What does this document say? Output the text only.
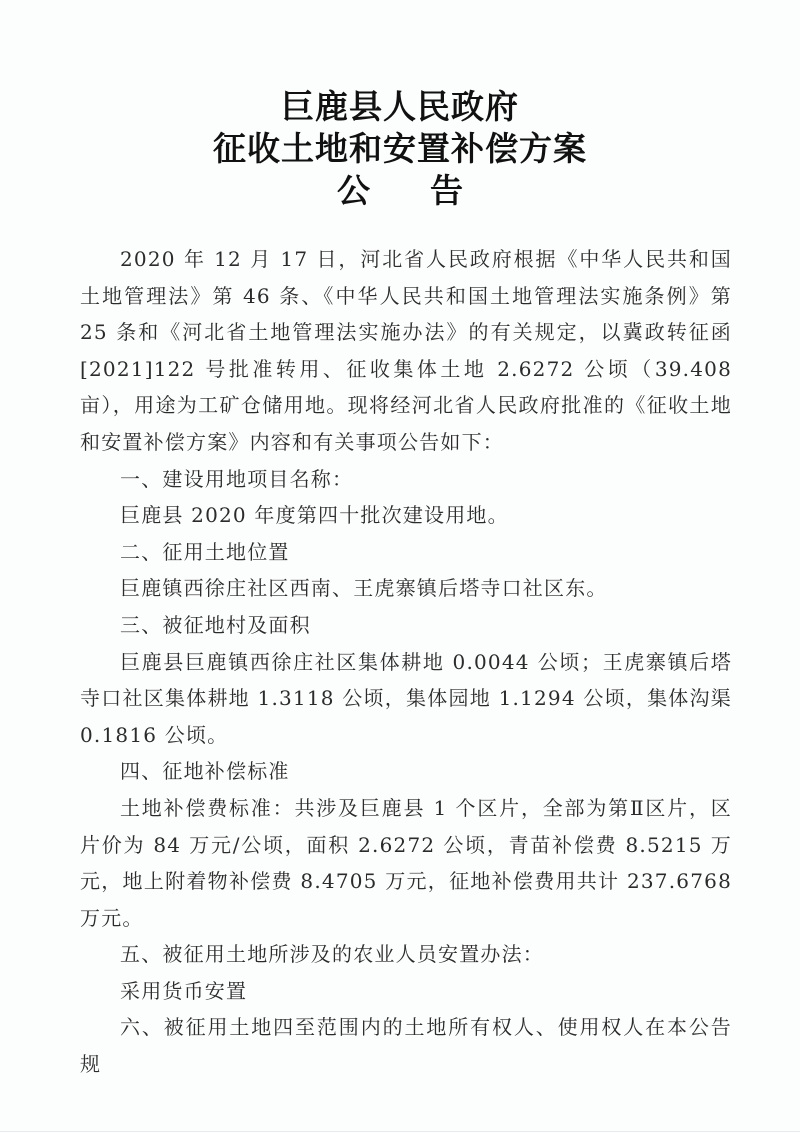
巨鹿县人民政府
征收土地和安置补偿方案
公告

2020 年 12 月 17 日，河北省人民政府根据《中华人民共和国土地管理法》第 46 条、《中华人民共和国土地管理法实施条例》第 25 条和《河北省土地管理法实施办法》的有关规定，以冀政转征函[2021]122 号批准转用、征收集体土地 2.6272 公顷（39.408 亩），用途为工矿仓储用地。现将经河北省人民政府批准的《征收土地和安置补偿方案》内容和有关事项公告如下：

一、建设用地项目名称：

巨鹿县 2020 年度第四十批次建设用地。

二、征用土地位置

巨鹿镇西徐庄社区西南、王虎寨镇后塔寺口社区东。

三、被征地村及面积

巨鹿县巨鹿镇西徐庄社区集体耕地 0.0044 公顷；王虎寨镇后塔寺口社区集体耕地 1.3118 公顷，集体园地 1.1294 公顷，集体沟渠 0.1816 公顷。

四、征地补偿标准

土地补偿费标准：共涉及巨鹿县 1 个区片，全部为第Ⅱ区片，区片价为 84 万元/公顷，面积 2.6272 公顷，青苗补偿费 8.5215 万元，地上附着物补偿费 8.4705 万元，征地补偿费用共计 237.6768 万元。

五、被征用土地所涉及的农业人员安置办法：

采用货币安置

六、被征用土地四至范围内的土地所有权人、使用权人在本公告规
